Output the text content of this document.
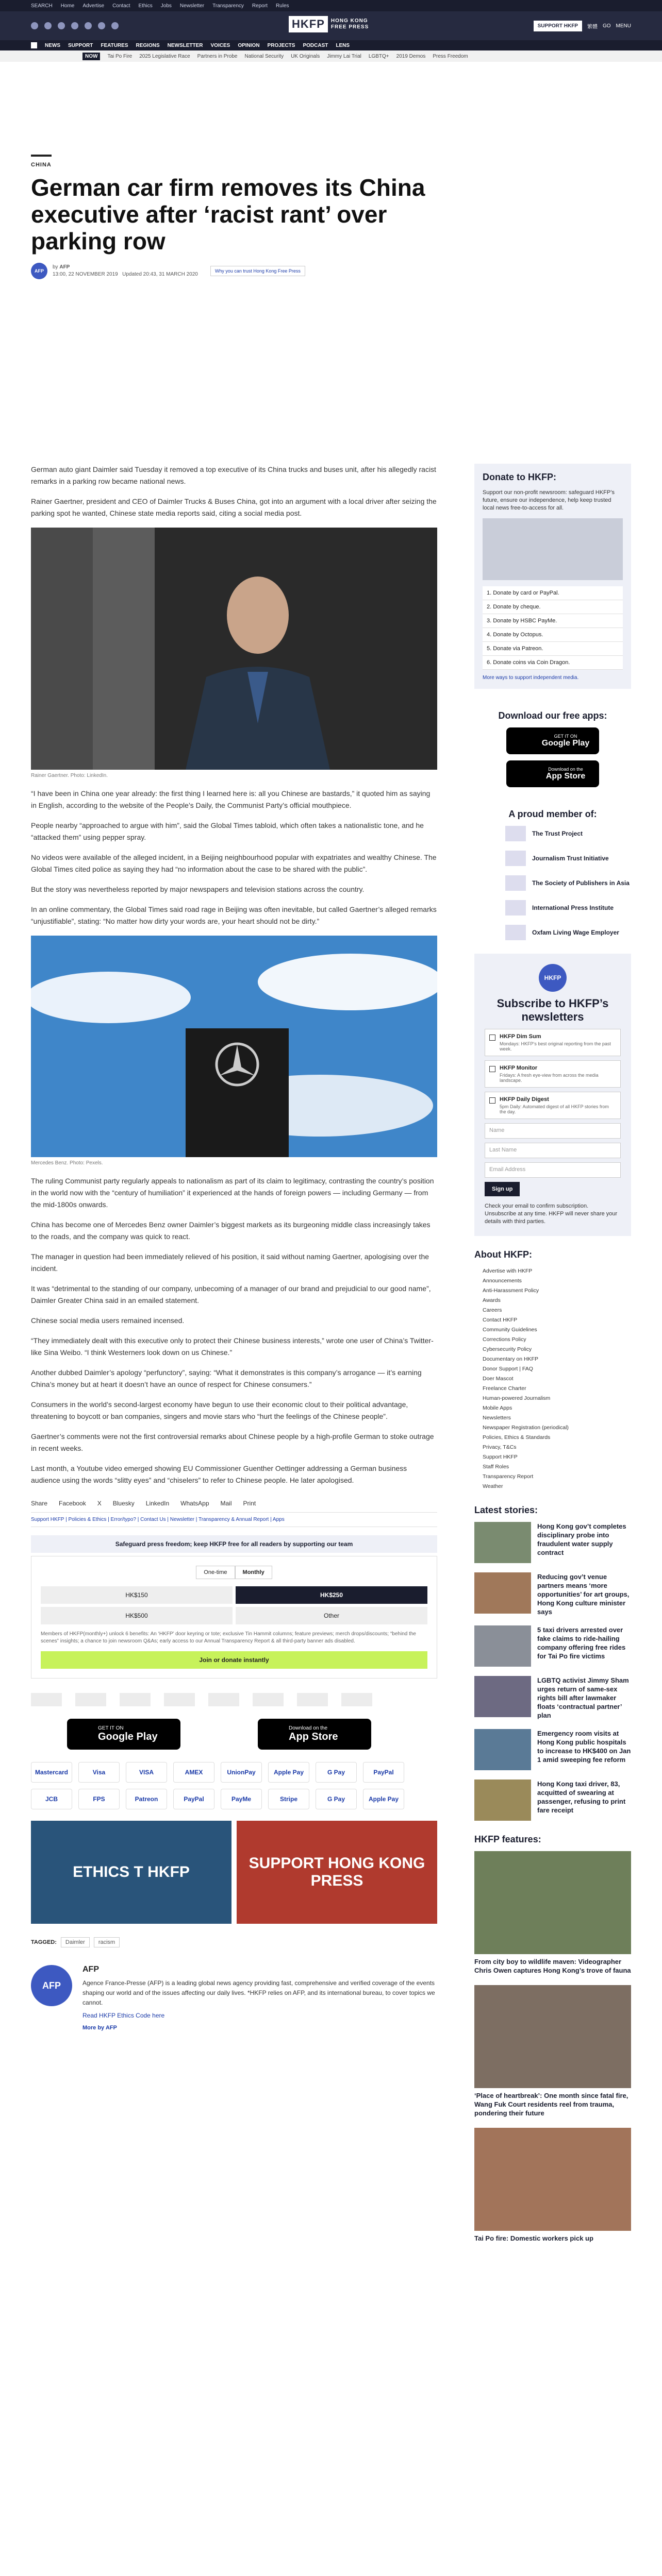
SEARCH Home Advertise Contact Ethics Jobs Newsletter Transparency Report Rules
HKFP	HONG KONG
FREE PRESS	SUPPORT HKFP	繁體 GO MENU
NEWS SUPPORT FEATURES REGIONS NEWSLETTER VOICES OPINION PROJECTS PODCAST LENS
NOW	Tai Po Fire 2025 Legislative Race Partners in Probe National Security UK Originals Jimmy Lai Trial LGBTQ+ 2019 Demos Press Freedom
CHINA
German car firm removes its China executive after ‘racist rant’ over parking row
AFP
by AFP
13:00, 22 NOVEMBER 2019 Updated 20:43, 31 MARCH 2020
Why you can trust Hong Kong Free Press

German auto giant Daimler said Tuesday it removed a top executive of its China trucks and buses unit, after his allegedly racist remarks in a parking row became national news.

Rainer Gaertner, president and CEO of Daimler Trucks & Buses China, got into an argument with a local driver after seizing the parking spot he wanted, Chinese state media reports said, citing a social media post.

Rainer Gaertner. Photo: LinkedIn.

“I have been in China one year already: the first thing I learned here is: all you Chinese are bastards,” it quoted him as saying in English, according to the website of the People’s Daily, the Communist Party’s official mouthpiece.

People nearby “approached to argue with him”, said the Global Times tabloid, which often takes a nationalistic tone, and he “attacked them” using pepper spray.

No videos were available of the alleged incident, in a Beijing neighbourhood popular with expatriates and wealthy Chinese. The Global Times cited police as saying they had “no information about the case to be shared with the public”.

But the story was nevertheless reported by major newspapers and television stations across the country.

In an online commentary, the Global Times said road rage in Beijing was often inevitable, but called Gaertner’s alleged remarks “unjustifiable”, stating: “No matter how dirty your words are, your heart should not be dirty.”

Mercedes Benz. Photo: Pexels.

The ruling Communist party regularly appeals to nationalism as part of its claim to legitimacy, contrasting the country’s position in the world now with the “century of humiliation” it experienced at the hands of foreign powers — including Germany — from the mid-1800s onwards.

China has become one of Mercedes Benz owner Daimler’s biggest markets as its burgeoning middle class increasingly takes to the roads, and the company was quick to react.

The manager in question had been immediately relieved of his position, it said without naming Gaertner, apologising over the incident.

It was “detrimental to the standing of our company, unbecoming of a manager of our brand and prejudicial to our good name”, Daimler Greater China said in an emailed statement.

Chinese social media users remained incensed.

“They immediately dealt with this executive only to protect their Chinese business interests,” wrote one user of China’s Twitter-like Sina Weibo. “I think Westerners look down on us Chinese.”

Another dubbed Daimler’s apology “perfunctory”, saying: “What it demonstrates is this company’s arrogance — it’s earning China’s money but at heart it doesn’t have an ounce of respect for Chinese consumers.”

Consumers in the world’s second-largest economy have begun to use their economic clout to their political advantage, threatening to boycott or ban companies, singers and movie stars who “hurt the feelings of the Chinese people”.

Gaertner’s comments were not the first controversial remarks about Chinese people by a high-profile German to stoke outrage in recent weeks.

Last month, a Youtube video emerged showing EU Commissioner Guenther Oettinger addressing a German business audience using the words “slitty eyes” and “chiselers” to refer to Chinese people. He later apologised.

Share Facebook X Bluesky LinkedIn WhatsApp Mail Print
Support HKFP | Policies & Ethics | Error/typo? | Contact Us | Newsletter | Transparency & Annual Report | Apps
Safeguard press freedom; keep HKFP free for all readers by supporting our team
One-time	Monthly
HK$150	HK$250
HK$500	Other
Members of HKFP(monthly+) unlock 6 benefits: An ‘HKFP’ door keyring or tote; exclusive Tin Hammit columns; feature previews; merch drops/discounts; “behind the scenes” insights; a chance to join newsroom Q&As; early access to our Annual Transparency Report & all third-party banner ads disabled.
Join or donate instantly
GET IT ON
Google Play
Download on the
App Store
Mastercard	Visa	VISA	AMEX	UnionPay	Apple Pay	G Pay	PayPal
JCB	FPS	Patreon	PayPal	PayMe	Stripe	G Pay	Apple Pay
ETHICS T HKFP
SUPPORT HONG KONG PRESS
TAGGED:	Daimler	racism
AFP
AFP

Agence France-Presse (AFP) is a leading global news agency providing fast, comprehensive and verified coverage of the events shaping our world and of the issues affecting our daily lives. *HKFP relies on AFP, and its international bureau, to cover topics we cannot.

Read HKFP Ethics Code here

More by AFP
Donate to HKFP:

Support our non-profit newsroom: safeguard HKFP’s future, ensure our independence, help keep trusted local news free-to-access for all.

1. Donate by card or PayPal.
2. Donate by cheque.
3. Donate by HSBC PayMe.
4. Donate by Octopus.
5. Donate via Patreon.
6. Donate coins via Coin Dragon.
More ways to support independent media.
Download our free apps:
GET IT ON
Google Play
Download on the
App Store
A proud member of:
The Trust Project
Journalism Trust Initiative
The Society of Publishers in Asia
International Press Institute
Oxfam Living Wage Employer
HKFP
Subscribe to HKFP’s newsletters
HKFP Dim Sum
Mondays: HKFP’s best original reporting from the past week.
HKFP Monitor
Fridays: A fresh eye-view from across the media landscape.
HKFP Daily Digest
5pm Daily: Automated digest of all HKFP stories from the day.
Name
Last Name
Email Address
Sign up

Check your email to confirm subscription. Unsubscribe at any time. HKFP will never share your details with third parties.

About HKFP:
Advertise with HKFP
Announcements
Anti-Harassment Policy
Awards
Careers
Contact HKFP
Community Guidelines
Corrections Policy
Cybersecurity Policy
Documentary on HKFP
Donor Support | FAQ
Doer Mascot
Freelance Charter
Human-powered Journalism
Mobile Apps
Newsletters
Newspaper Registration (periodical)
Policies, Ethics & Standards
Privacy, T&Cs
Support HKFP
Staff Roles
Transparency Report
Weather
Latest stories:
Hong Kong gov’t completes disciplinary probe into fraudulent water supply contract
Reducing gov’t venue partners means ‘more opportunities’ for art groups, Hong Kong culture minister says
5 taxi drivers arrested over fake claims to ride-hailing company offering free rides for Tai Po fire victims
LGBTQ activist Jimmy Sham urges return of same-sex rights bill after lawmaker floats ‘contractual partner’ plan
Emergency room visits at Hong Kong public hospitals to increase to HK$400 on Jan 1 amid sweeping fee reform
Hong Kong taxi driver, 83, acquitted of swearing at passenger, refusing to print fare receipt
HKFP features:
From city boy to wildlife maven: Videographer Chris Owen captures Hong Kong’s trove of fauna
‘Place of heartbreak’: One month since fatal fire, Wang Fuk Court residents reel from trauma, pondering their future
Tai Po fire: Domestic workers pick up
